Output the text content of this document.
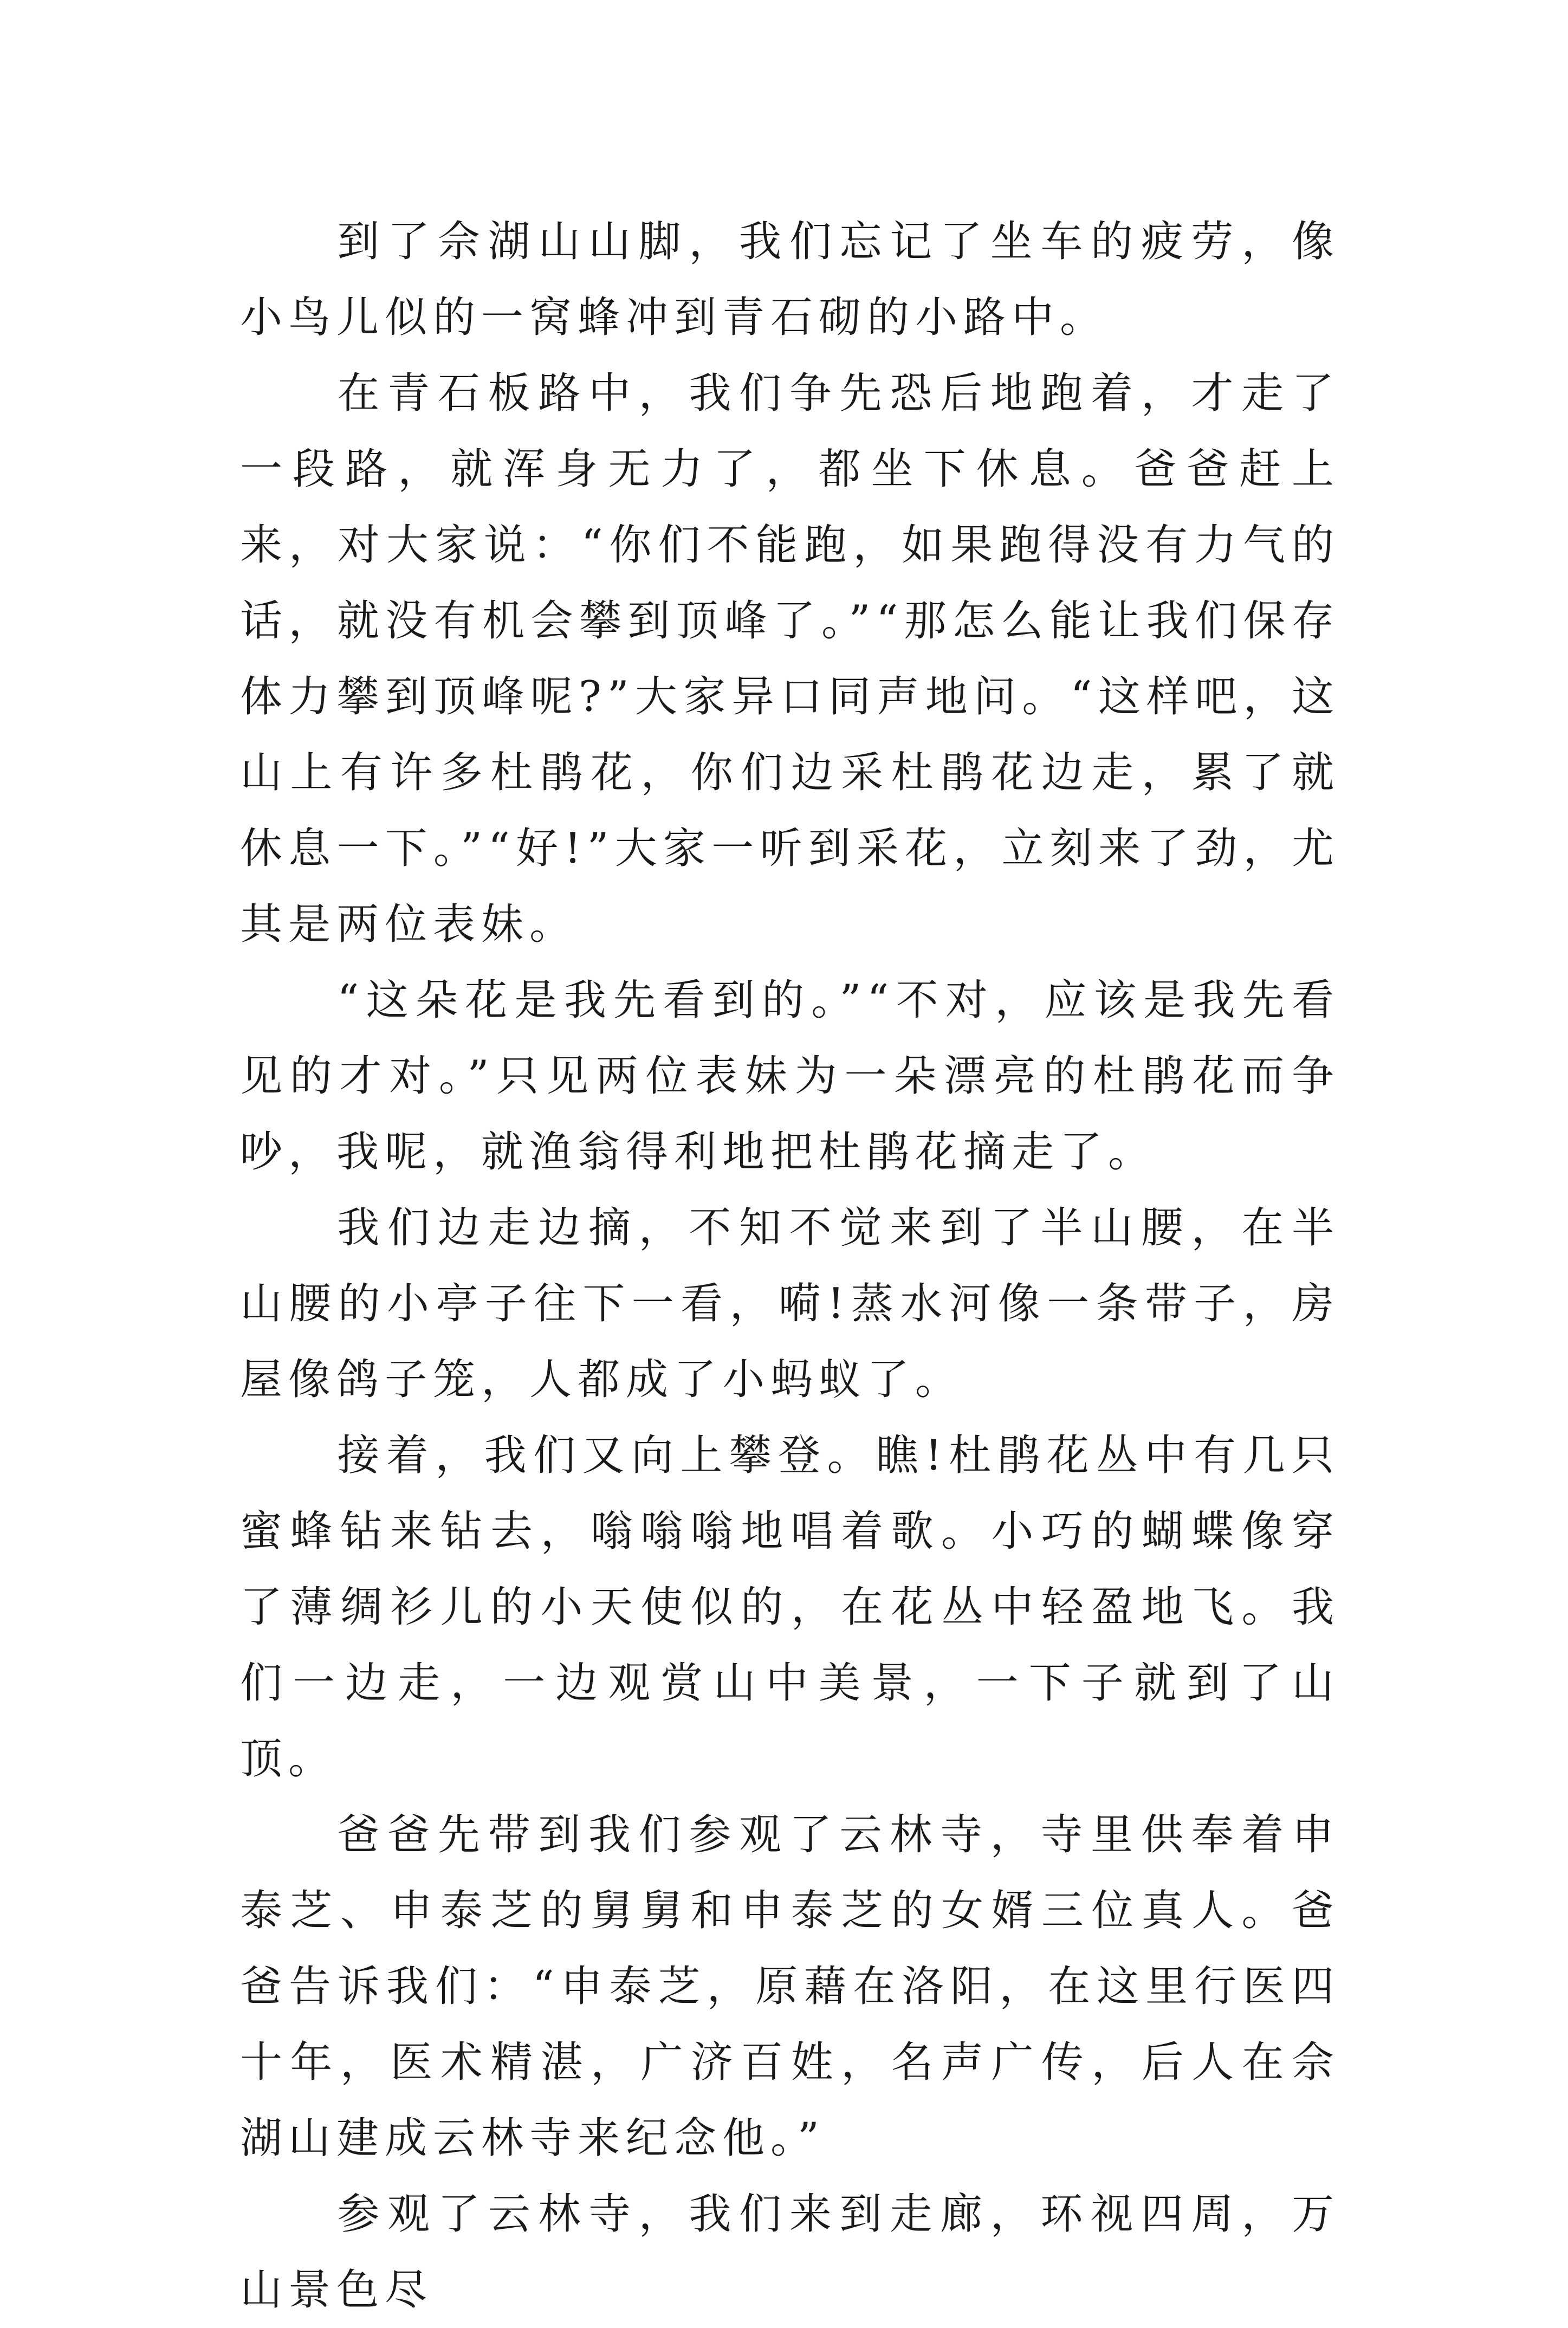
到了佘湖山山脚，我们忘记了坐车的疲劳，像小鸟儿似的一窝蜂冲到青石砌的小路中。

在青石板路中，我们争先恐后地跑着，才走了一段路，就浑身无力了，都坐下休息。爸爸赶上来，对大家说：“你们不能跑，如果跑得没有力气的话，就没有机会攀到顶峰了。”“那怎么能让我们保存体力攀到顶峰呢?”大家异口同声地问。“这样吧，这山上有许多杜鹃花，你们边采杜鹃花边走，累了就休息一下。”“好!”大家一听到采花，立刻来了劲，尤其是两位表妹。

“这朵花是我先看到的。”“不对，应该是我先看见的才对。”只见两位表妹为一朵漂亮的杜鹃花而争吵，我呢，就渔翁得利地把杜鹃花摘走了。

我们边走边摘，不知不觉来到了半山腰，在半山腰的小亭子往下一看，嗬!蒸水河像一条带子，房屋像鸽子笼，人都成了小蚂蚁了。

接着，我们又向上攀登。瞧!杜鹃花丛中有几只蜜蜂钻来钻去，嗡嗡嗡地唱着歌。小巧的蝴蝶像穿了薄绸衫儿的小天使似的，在花丛中轻盈地飞。我们一边走，一边观赏山中美景，一下子就到了山顶。

爸爸先带到我们参观了云林寺，寺里供奉着申泰芝、申泰芝的舅舅和申泰芝的女婿三位真人。爸爸告诉我们：“申泰芝，原藉在洛阳，在这里行医四十年，医术精湛，广济百姓，名声广传，后人在佘湖山建成云林寺来纪念他。”

参观了云林寺，我们来到走廊，环视四周，万山景色尽
